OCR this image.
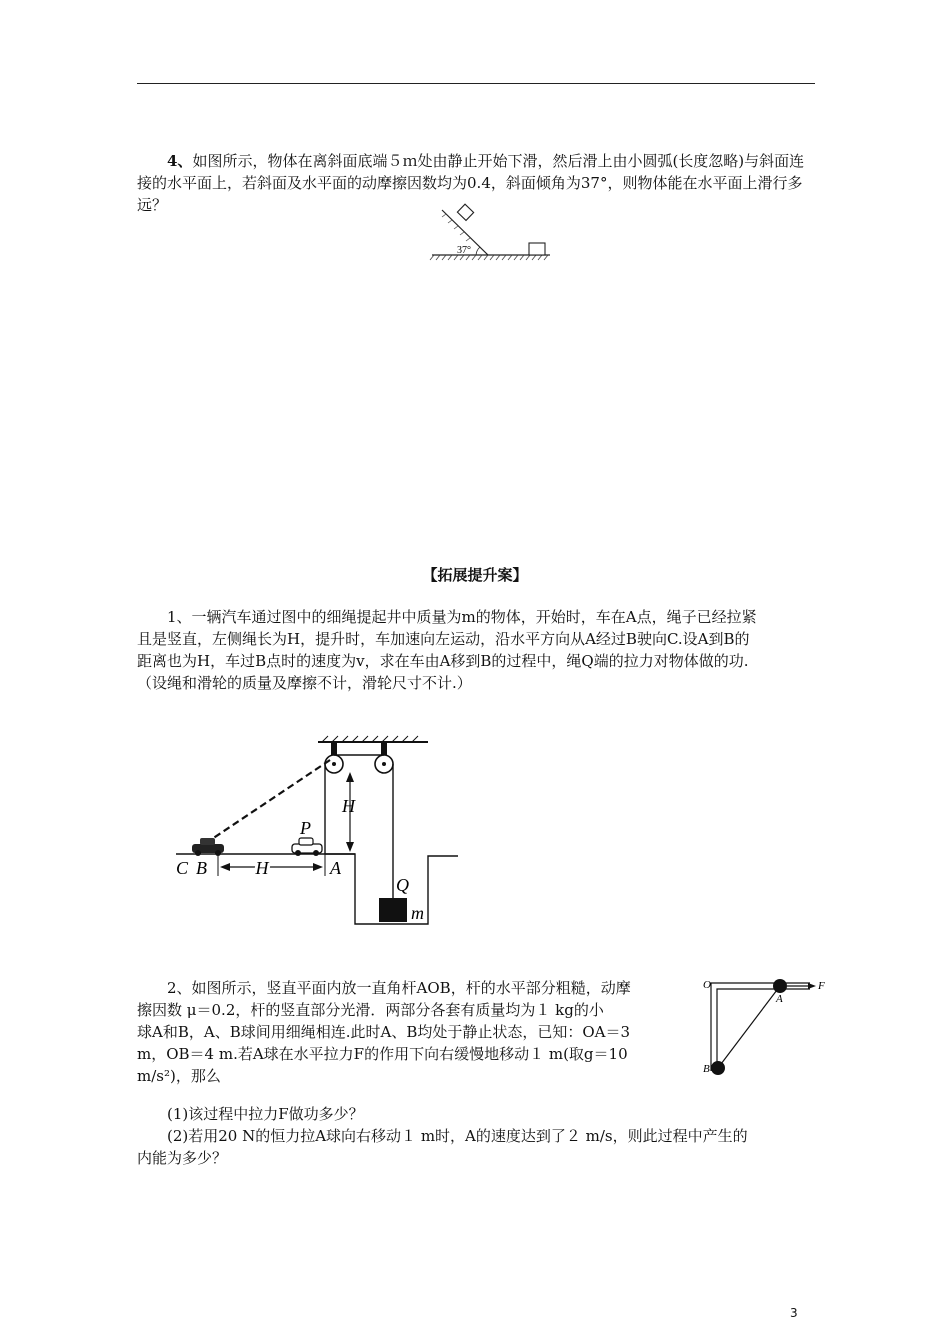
4、如图所示，物体在离斜面底端５ｍ处由静止开始下滑，然后滑上由小圆弧(长度忽略)与斜面连接的水平面上，若斜面及水平面的动摩擦因数均为0.4，斜面倾角为37°，则物体能在水平面上滑行多远？
37°
【拓展提升案】
1、一辆汽车通过图中的细绳提起井中质量为m的物体，开始时，车在A点，绳子已经拉紧
且是竖直，左侧绳长为H，提升时，车加速向左运动，沿水平方向从A经过B驶向C.设A到B的
距离也为H，车过B点时的速度为v，求在车由A移到B的过程中，绳Q端的拉力对物体做的功.
（设绳和滑轮的质量及摩擦不计，滑轮尺寸不计.）
H
Q
m
P
C B	H	A
2、如图所示，竖直平面内放一直角杆AOB，杆的水平部分粗糙，动摩
擦因数 μ＝0.2，杆的竖直部分光滑．两部分各套有质量均为１ kg的小
球A和B，A、B球间用细绳相连.此时A、B均处于静止状态，已知：OA＝3
m，OB＝4 m.若A球在水平拉力F的作用下向右缓慢地移动１ m(取g＝10
m/s²)，那么
(1)该过程中拉力F做功多少？
(2)若用20 N的恒力拉A球向右移动１ m时，A的速度达到了２ m/s，则此过程中产生的
内能为多少？
O
A
B
F
3
